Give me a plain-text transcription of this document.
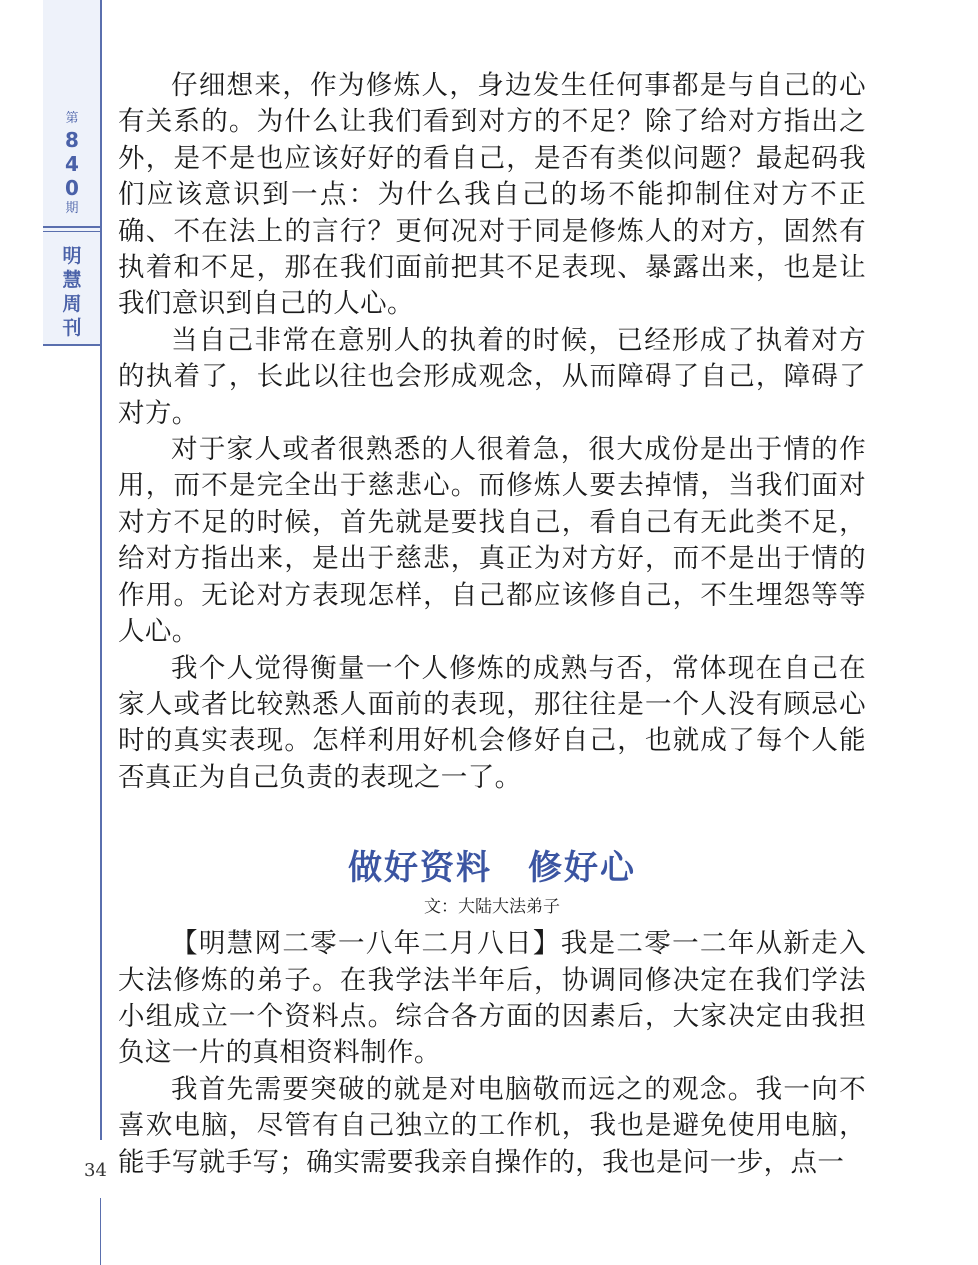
第
8
4
0
期
明
慧
周
刊
34

仔细想来，作为修炼人，身边发生任何事都是与自己的心有关系的。为什么让我们看到对方的不足？除了给对方指出之外，是不是也应该好好的看自己，是否有类似问题？最起码我们应该意识到一点：为什么我自己的场不能抑制住对方不正确、不在法上的言行？更何况对于同是修炼人的对方，固然有执着和不足，那在我们面前把其不足表现、暴露出来，也是让我们意识到自己的人心。

当自己非常在意别人的执着的时候，已经形成了执着对方的执着了，长此以往也会形成观念，从而障碍了自己，障碍了对方。

对于家人或者很熟悉的人很着急，很大成份是出于情的作用，而不是完全出于慈悲心。而修炼人要去掉情，当我们面对对方不足的时候，首先就是要找自己，看自己有无此类不足，给对方指出来，是出于慈悲，真正为对方好，而不是出于情的作用。无论对方表现怎样，自己都应该修自己，不生埋怨等等人心。

我个人觉得衡量一个人修炼的成熟与否，常体现在自己在家人或者比较熟悉人面前的表现，那往往是一个人没有顾忌心时的真实表现。怎样利用好机会修好自己，也就成了每个人能否真正为自己负责的表现之一了。

做好资料　修好心
文：大陆大法弟子

【明慧网二零一八年二月八日】我是二零一二年从新走入大法修炼的弟子。在我学法半年后，协调同修决定在我们学法小组成立一个资料点。综合各方面的因素后，大家决定由我担负这一片的真相资料制作。

我首先需要突破的就是对电脑敬而远之的观念。我一向不喜欢电脑，尽管有自己独立的工作机，我也是避免使用电脑，能手写就手写；确实需要我亲自操作的，我也是问一步，点一
